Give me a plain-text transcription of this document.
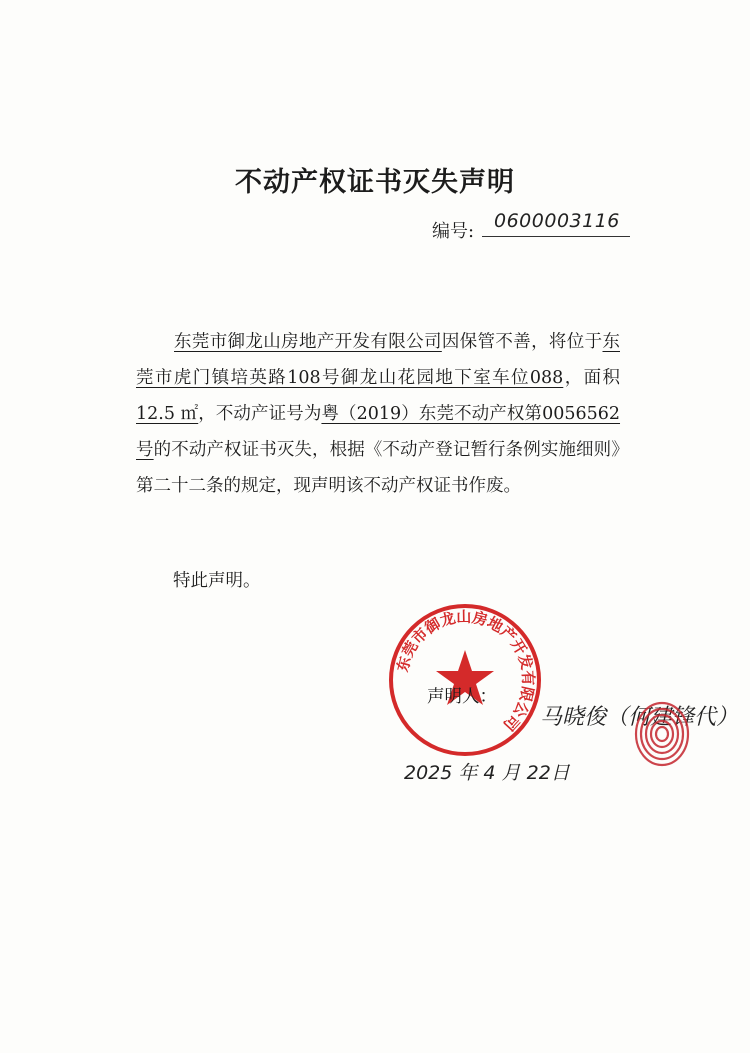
不动产权证书灭失声明
编号: 0600003116

东莞市御龙山房地产开发有限公司因保管不善，将位于东莞市虎门镇培英路108号御龙山花园地下室车位088，面积12.5 ㎡，不动产证号为粤（2019）东莞不动产权第0056562号的不动产权证书灭失，根据《不动产登记暂行条例实施细则》第二十二条的规定，现声明该不动产权证书作废。

特此声明。
东莞市御龙山房地产开发有限公司
声明人：
马晓俊（何建锋代）
2025 年 4 月 22日
